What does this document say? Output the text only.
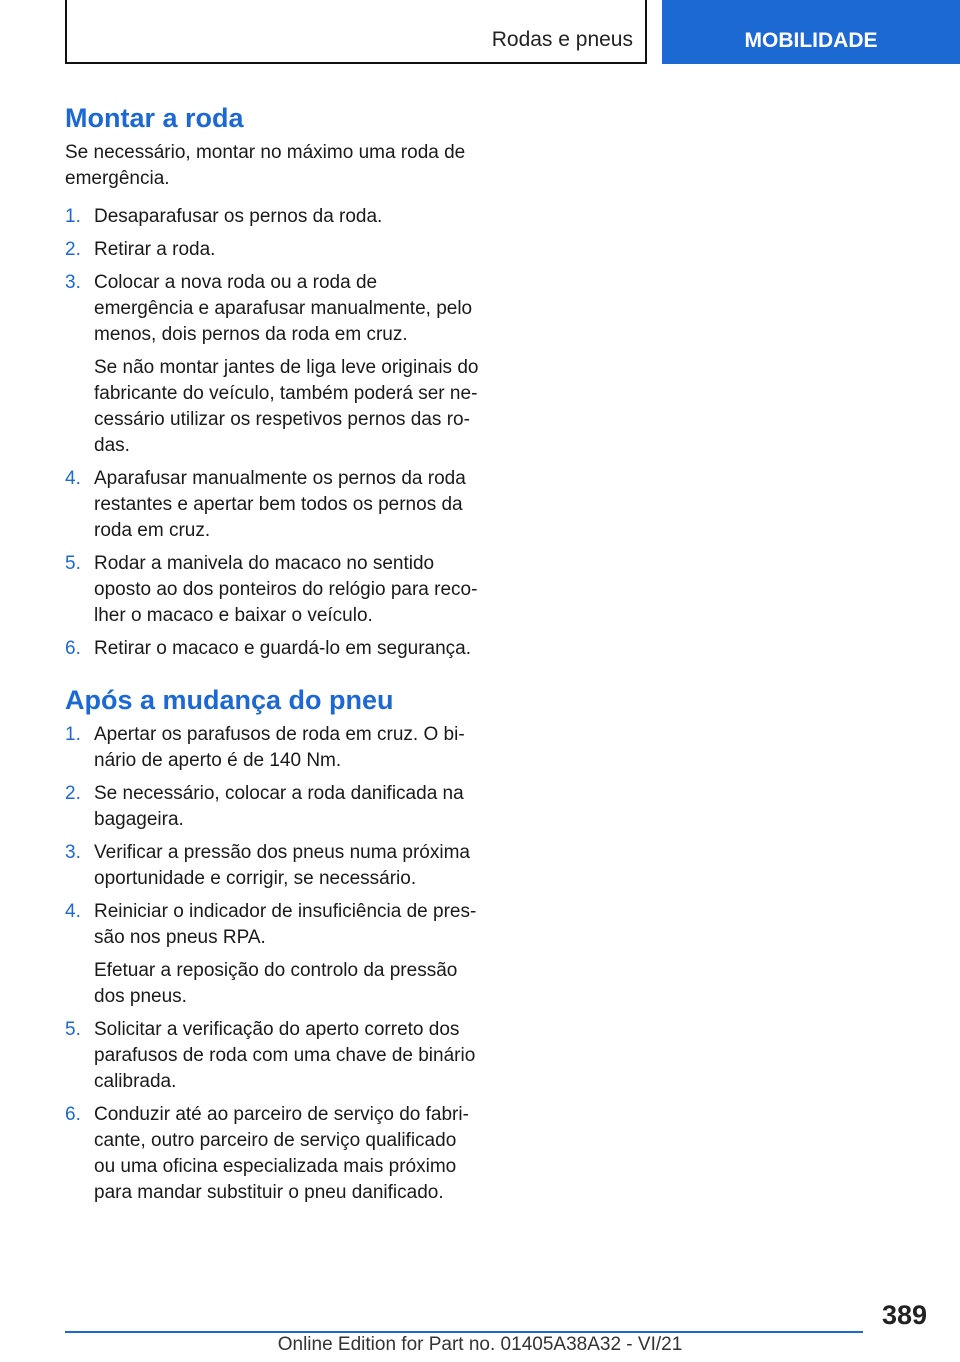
Rodas e pneus	MOBILIDADE
Montar a roda

Se necessário, montar no máximo uma roda de emergência.

1. Desaparafusar os pernos da roda.

2. Retirar a roda.

3. Colocar a nova roda ou a roda de emergência e aparafusar manualmente, pelo menos, dois pernos da roda em cruz.

Se não montar jantes de liga leve originais do fabricante do veículo, também poderá ser necessário utilizar os respetivos pernos das rodas.

4. Aparafusar manualmente os pernos da roda restantes e apertar bem todos os pernos da roda em cruz.

5. Rodar a manivela do macaco no sentido oposto ao dos ponteiros do relógio para recolher o macaco e baixar o veículo.

6. Retirar o macaco e guardá-lo em segurança.

Após a mudança do pneu
1. Apertar os parafusos de roda em cruz. O binário de aperto é de 140 Nm.

2. Se necessário, colocar a roda danificada na bagageira.

3. Verificar a pressão dos pneus numa próxima oportunidade e corrigir, se necessário.

4. Reiniciar o indicador de insuficiência de pressão nos pneus RPA.

Efetuar a reposição do controlo da pressão dos pneus.

5. Solicitar a verificação do aperto correto dos parafusos de roda com uma chave de binário calibrada.

6. Conduzir até ao parceiro de serviço do fabricante, outro parceiro de serviço qualificado ou uma oficina especializada mais próximo para mandar substituir o pneu danificado.

389
Online Edition for Part no. 01405A38A32 - VI/21
